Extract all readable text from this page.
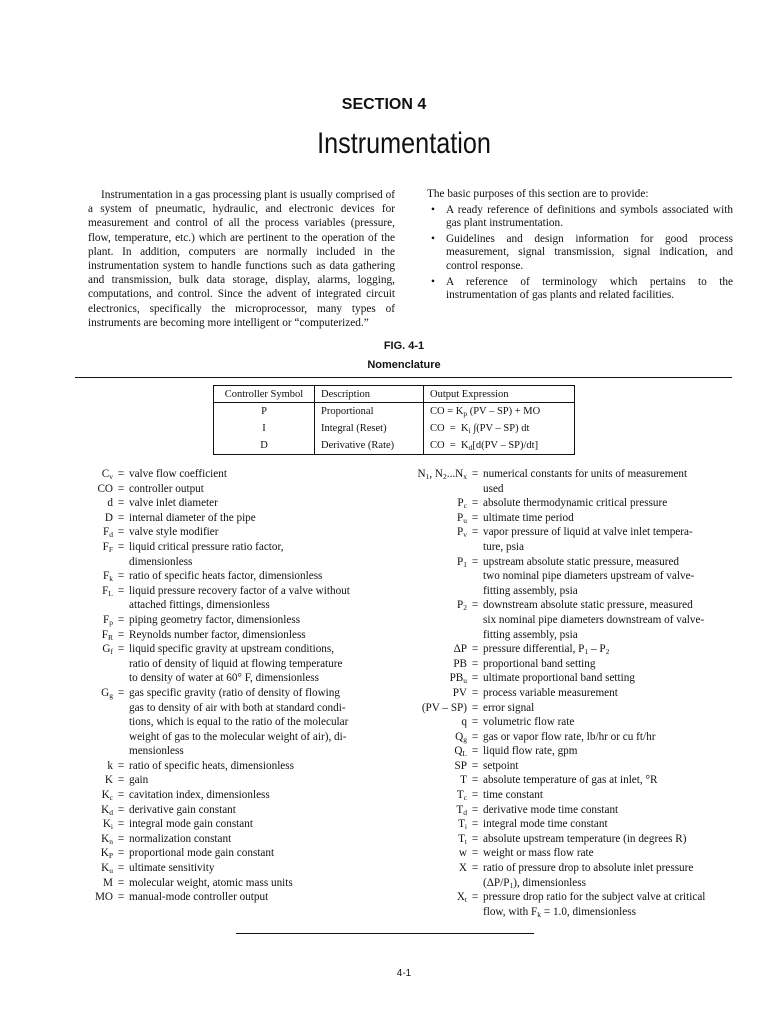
SECTION 4
Instrumentation

Instrumentation in a gas processing plant is usually comprised of a system of pneumatic, hydraulic, and electronic devices for measurement and control of all the process variables (pressure, flow, temperature, etc.) which are pertinent to the operation of the plant. In addition, computers are normally included in the instrumentation system to handle functions such as data gathering and transmission, bulk data storage, display, alarms, logging, computations, and control. Since the advent of integrated circuit electronics, specifically the microprocessor, many types of instruments are becoming more intelligent or “computerized.”

The basic purposes of this section are to provide:
• A ready reference of definitions and symbols associated with gas plant instrumentation.
• Guidelines and design information for good process measurement, signal transmission, signal indication, and control response.
• A reference of terminology which pertains to the instrumentation of gas plants and related facilities.
FIG. 4-1
Nomenclature
Controller Symbol	Description	Output Expression
P	Proportional	CO = $K_p$ (PV – SP) + MO
I	Integral (Reset)	CO  =  $K_i$ ∫(PV – SP) dt
D	Derivative (Rate)	CO  =  $K_d[d(PV - SP)/dt]$
$C_v$ = valve flow coefficient
CO = controller output
d = valve inlet diameter
D = internal diameter of the pipe
$F_d$ = valve style modifier
$F_F$ = liquid critical pressure ratio factor,
dimensionless
$F_k$ = ratio of specific heats factor, dimensionless
$F_L$ = liquid pressure recovery factor of a valve without
attached fittings, dimensionless
$F_p$ = piping geometry factor, dimensionless
$F_R$ = Reynolds number factor, dimensionless
$G_f$ = liquid specific gravity at upstream conditions,
ratio of density of liquid at flowing temperature
to density of water at 60° F, dimensionless
$G_g$ = gas specific gravity (ratio of density of flowing
gas to density of air with both at standard condi-
tions, which is equal to the ratio of the molecular
weight of gas to the molecular weight of air), di-
mensionless
k = ratio of specific heats, dimensionless
K = gain
$K_c$ = cavitation index, dimensionless
$K_d$ = derivative gain constant
$K_i$ = integral mode gain constant
$K_n$ = normalization constant
$K_P$ = proportional mode gain constant
$K_u$ = ultimate sensitivity
M = molecular weight, atomic mass units
MO = manual-mode controller output
$N_1$, $N_2...N_x$ = numerical constants for units of measurement
used
$P_c$ = absolute thermodynamic critical pressure
$P_u$ = ultimate time period
$P_v$ = vapor pressure of liquid at valve inlet tempera-
ture, psia
$P_1$ = upstream absolute static pressure, measured
two nominal pipe diameters upstream of valve-
fitting assembly, psia
$P_2$ = downstream absolute static pressure, measured
six nominal pipe diameters downstream of valve-
fitting assembly, psia
ΔP = pressure differential, $P_1 - P_2$
PB = proportional band setting
$PB_u$ = ultimate proportional band setting
PV = process variable measurement
(PV – SP) = error signal
q = volumetric flow rate
$Q_g$ = gas or vapor flow rate, lb/hr or cu ft/hr
$Q_L$ = liquid flow rate, gpm
SP = setpoint
T = absolute temperature of gas at inlet, °R
$T_c$ = time constant
$T_d$ = derivative mode time constant
$T_i$ = integral mode time constant
$T_t$ = absolute upstream temperature (in degrees R)
w = weight or mass flow rate
X = ratio of pressure drop to absolute inlet pressure
$(\Delta P/P_1)$, dimensionless
$X_t$ = pressure drop ratio for the subject valve at critical
flow, with $F_k = 1.0$, dimensionless
4-1
